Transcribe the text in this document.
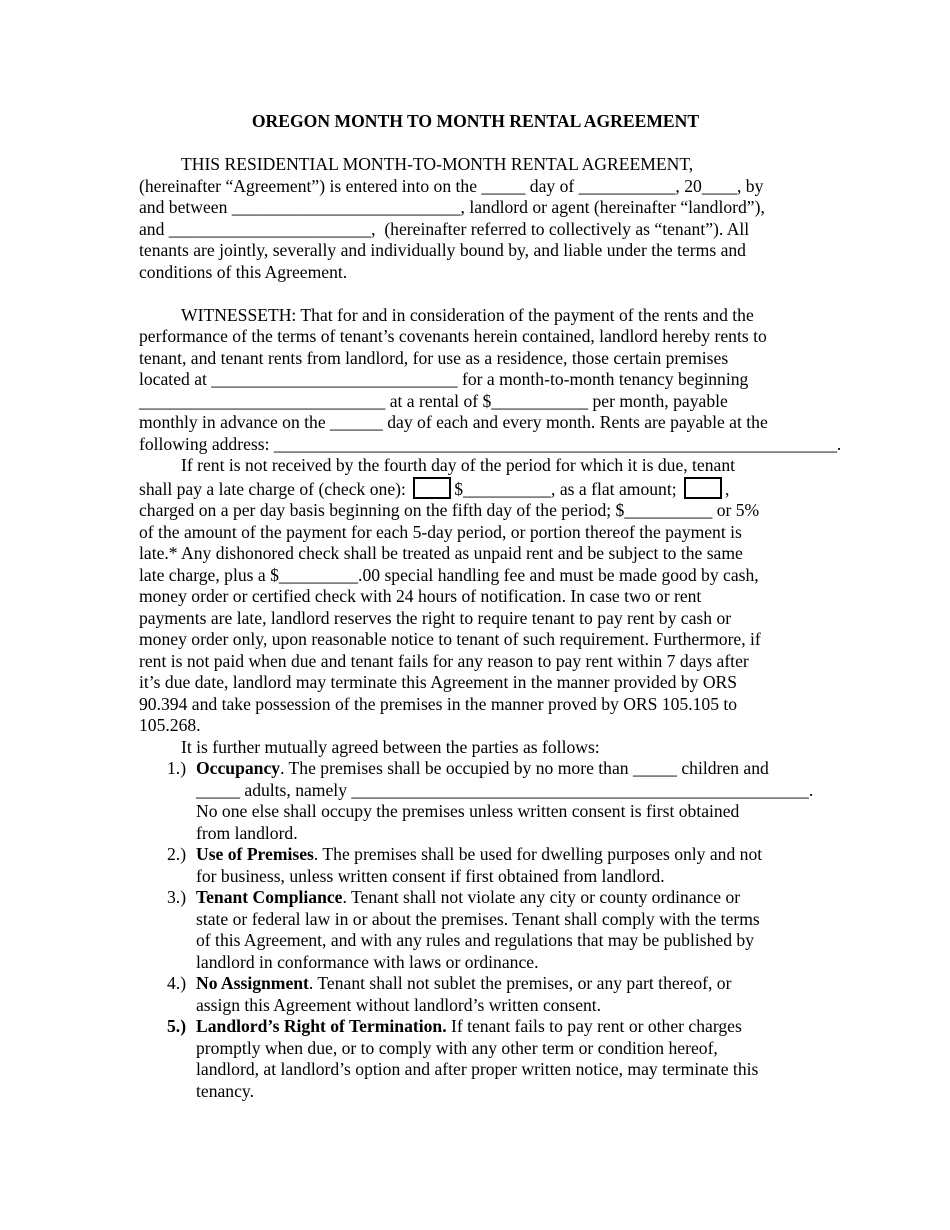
OREGON MONTH TO MONTH RENTAL AGREEMENT
THIS RESIDENTIAL MONTH-TO-MONTH RENTAL AGREEMENT,
(hereinafter “Agreement”) is entered into on the _____ day of ___________, 20____, by
and between __________________________, landlord or agent (hereinafter “landlord”),
and _______________________,  (hereinafter referred to collectively as “tenant”). All
tenants are jointly, severally and individually bound by, and liable under the terms and
conditions of this Agreement.
WITNESSETH: That for and in consideration of the payment of the rents and the
performance of the terms of tenant’s covenants herein contained, landlord hereby rents to
tenant, and tenant rents from landlord, for use as a residence, those certain premises
located at ____________________________ for a month-to-month tenancy beginning
____________________________ at a rental of $___________ per month, payable
monthly in advance on the ______ day of each and every month. Rents are payable at the
following address: ________________________________________________________________.
If rent is not received by the fourth day of the period for which it is due, tenant
shall pay a late charge of (check one):	$__________, as a flat amount;	,
charged on a per day basis beginning on the fifth day of the period; $__________ or 5%
of the amount of the payment for each 5-day period, or portion thereof the payment is
late.* Any dishonored check shall be treated as unpaid rent and be subject to the same
late charge, plus a $_________.00 special handling fee and must be made good by cash,
money order or certified check with 24 hours of notification. In case two or rent
payments are late, landlord reserves the right to require tenant to pay rent by cash or
money order only, upon reasonable notice to tenant of such requirement. Furthermore, if
rent is not paid when due and tenant fails for any reason to pay rent within 7 days after
it’s due date, landlord may terminate this Agreement in the manner provided by ORS
90.394 and take possession of the premises in the manner proved by ORS 105.105 to
105.268.
It is further mutually agreed between the parties as follows:
1.) Occupancy. The premises shall be occupied by no more than _____ children and
_____ adults, namely ____________________________________________________.
No one else shall occupy the premises unless written consent is first obtained
from landlord.
2.) Use of Premises. The premises shall be used for dwelling purposes only and not
for business, unless written consent if first obtained from landlord.
3.) Tenant Compliance. Tenant shall not violate any city or county ordinance or
state or federal law in or about the premises. Tenant shall comply with the terms
of this Agreement, and with any rules and regulations that may be published by
landlord in conformance with laws or ordinance.
4.) No Assignment. Tenant shall not sublet the premises, or any part thereof, or
assign this Agreement without landlord’s written consent.
5.) Landlord’s Right of Termination. If tenant fails to pay rent or other charges
promptly when due, or to comply with any other term or condition hereof,
landlord, at landlord’s option and after proper written notice, may terminate this
tenancy.
